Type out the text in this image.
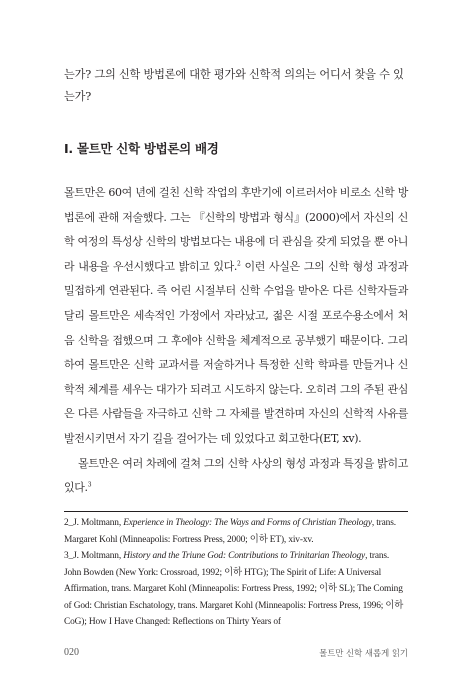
는가? 그의 신학 방법론에 대한 평가와 신학적 의의는 어디서 찾을 수 있
는가?
I. 몰트만 신학 방법론의 배경

몰트만은 60여 년에 걸친 신학 작업의 후반기에 이르러서야 비로소 신학 방법론에 관해 저술했다. 그는 『신학의 방법과 형식』(2000)에서 자신의 신학 여정의 특성상 신학의 방법보다는 내용에 더 관심을 갖게 되었을 뿐 아니라 내용을 우선시했다고 밝히고 있다.$^2$ 이런 사실은 그의 신학 형성 과정과 밀접하게 연관된다. 즉 어린 시절부터 신학 수업을 받아온 다른 신학자들과 달리 몰트만은 세속적인 가정에서 자라났고, 젊은 시절 포로수용소에서 처음 신학을 접했으며 그 후에야 신학을 체계적으로 공부했기 때문이다. 그리하여 몰트만은 신학 교과서를 저술하거나 특정한 신학 학파를 만들거나 신학적 체계를 세우는 대가가 되려고 시도하지 않는다. 오히려 그의 주된 관심은 다른 사람들을 자극하고 신학 그 자체를 발견하며 자신의 신학적 사유를 발전시키면서 자기 길을 걸어가는 데 있었다고 회고한다(ET, xv).

몰트만은 여러 차례에 걸쳐 그의 신학 사상의 형성 과정과 특징을 밝히고 있다.$^3$

2_J. Moltmann, Experience in Theology: The Ways and Forms of Christian Theology, trans. Margaret Kohl (Minneapolis: Fortress Press, 2000; 이하 ET), xiv-xv.
3_J. Moltmann, History and the Triune God: Contributions to Trinitarian Theology, trans. John Bowden (New York: Crossroad, 1992; 이하 HTG); The Spirit of Life: A Universal Affirmation, trans. Margaret Kohl (Minneapolis: Fortress Press, 1992; 이하 SL); The Coming of God: Christian Eschatology, trans. Margaret Kohl (Minneapolis: Fortress Press, 1996; 이하 CoG); How I Have Changed: Reflections on Thirty Years of
020	몰트만 신학 새롭게 읽기
